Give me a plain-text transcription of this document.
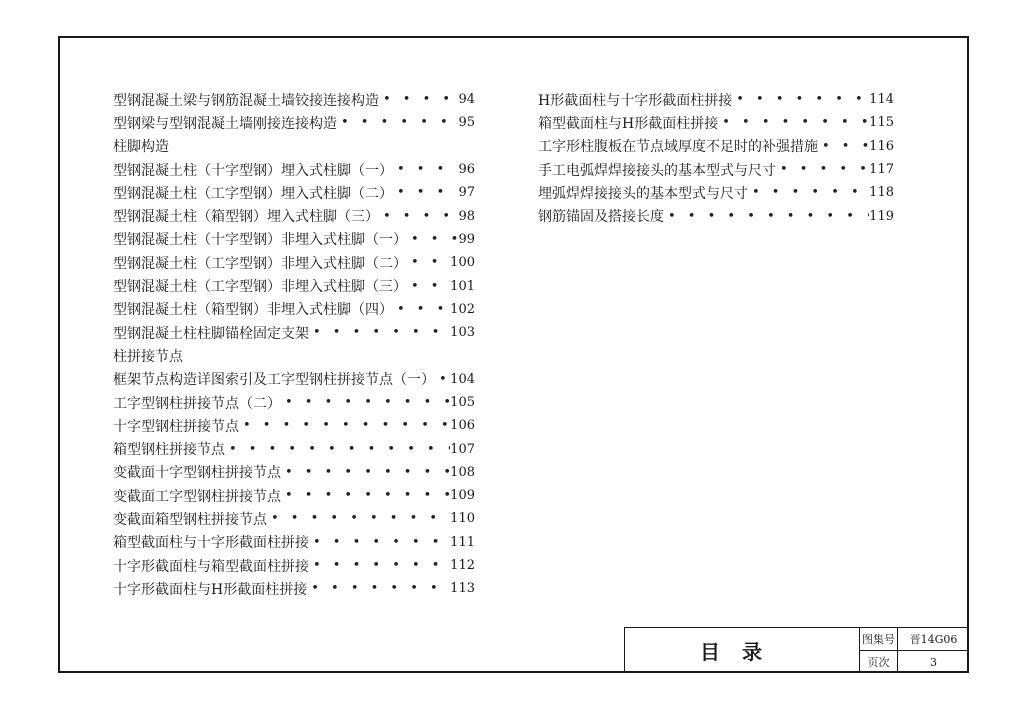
型钢混凝土梁与钢筋混凝土墙铰接连接构造 • • •	94
型钢梁与型钢混凝土墙刚接连接构造 • • •	95
柱脚构造
型钢混凝土柱（十字型钢）埋入式柱脚（一） • • •	96
型钢混凝土柱（工字型钢）埋入式柱脚（二） • • •	97
型钢混凝土柱（箱型钢）埋入式柱脚（三） • • •	98
型钢混凝土柱（十字型钢）非埋入式柱脚（一） • • •	99
型钢混凝土柱（工字型钢）非埋入式柱脚（二） • • •	100
型钢混凝土柱（工字型钢）非埋入式柱脚（三） • • •	101
型钢混凝土柱（箱型钢）非埋入式柱脚（四） • • •	102
型钢混凝土柱柱脚锚栓固定支架 • • •	103
柱拼接节点
框架节点构造详图索引及工字型钢柱拼接节点（一） • • • 104
工字型钢柱拼接节点（二） • • •	105
十字型钢柱拼接节点 • • •	106
箱型钢柱拼接节点 • • •	107
变截面十字型钢柱拼接节点 • • •	108
变截面工字型钢柱拼接节点 • • •	109
变截面箱型钢柱拼接节点 • • •	110
箱型截面柱与十字形截面柱拼接 • • •	111
十字形截面柱与箱型截面柱拼接 • • •	112
十字形截面柱与H形截面柱拼接 • • •	113
H形截面柱与十字形截面柱拼接 • • •	114
箱型截面柱与H形截面柱拼接 • • •	115
工字形柱腹板在节点域厚度不足时的补强措施 • • •	116
手工电弧焊焊接接头的基本型式与尺寸 • • •	117
埋弧焊焊接接头的基本型式与尺寸 • • •	118
钢筋锚固及搭接长度 • • •	119
目录
图集号	晋14G06
页次	3
